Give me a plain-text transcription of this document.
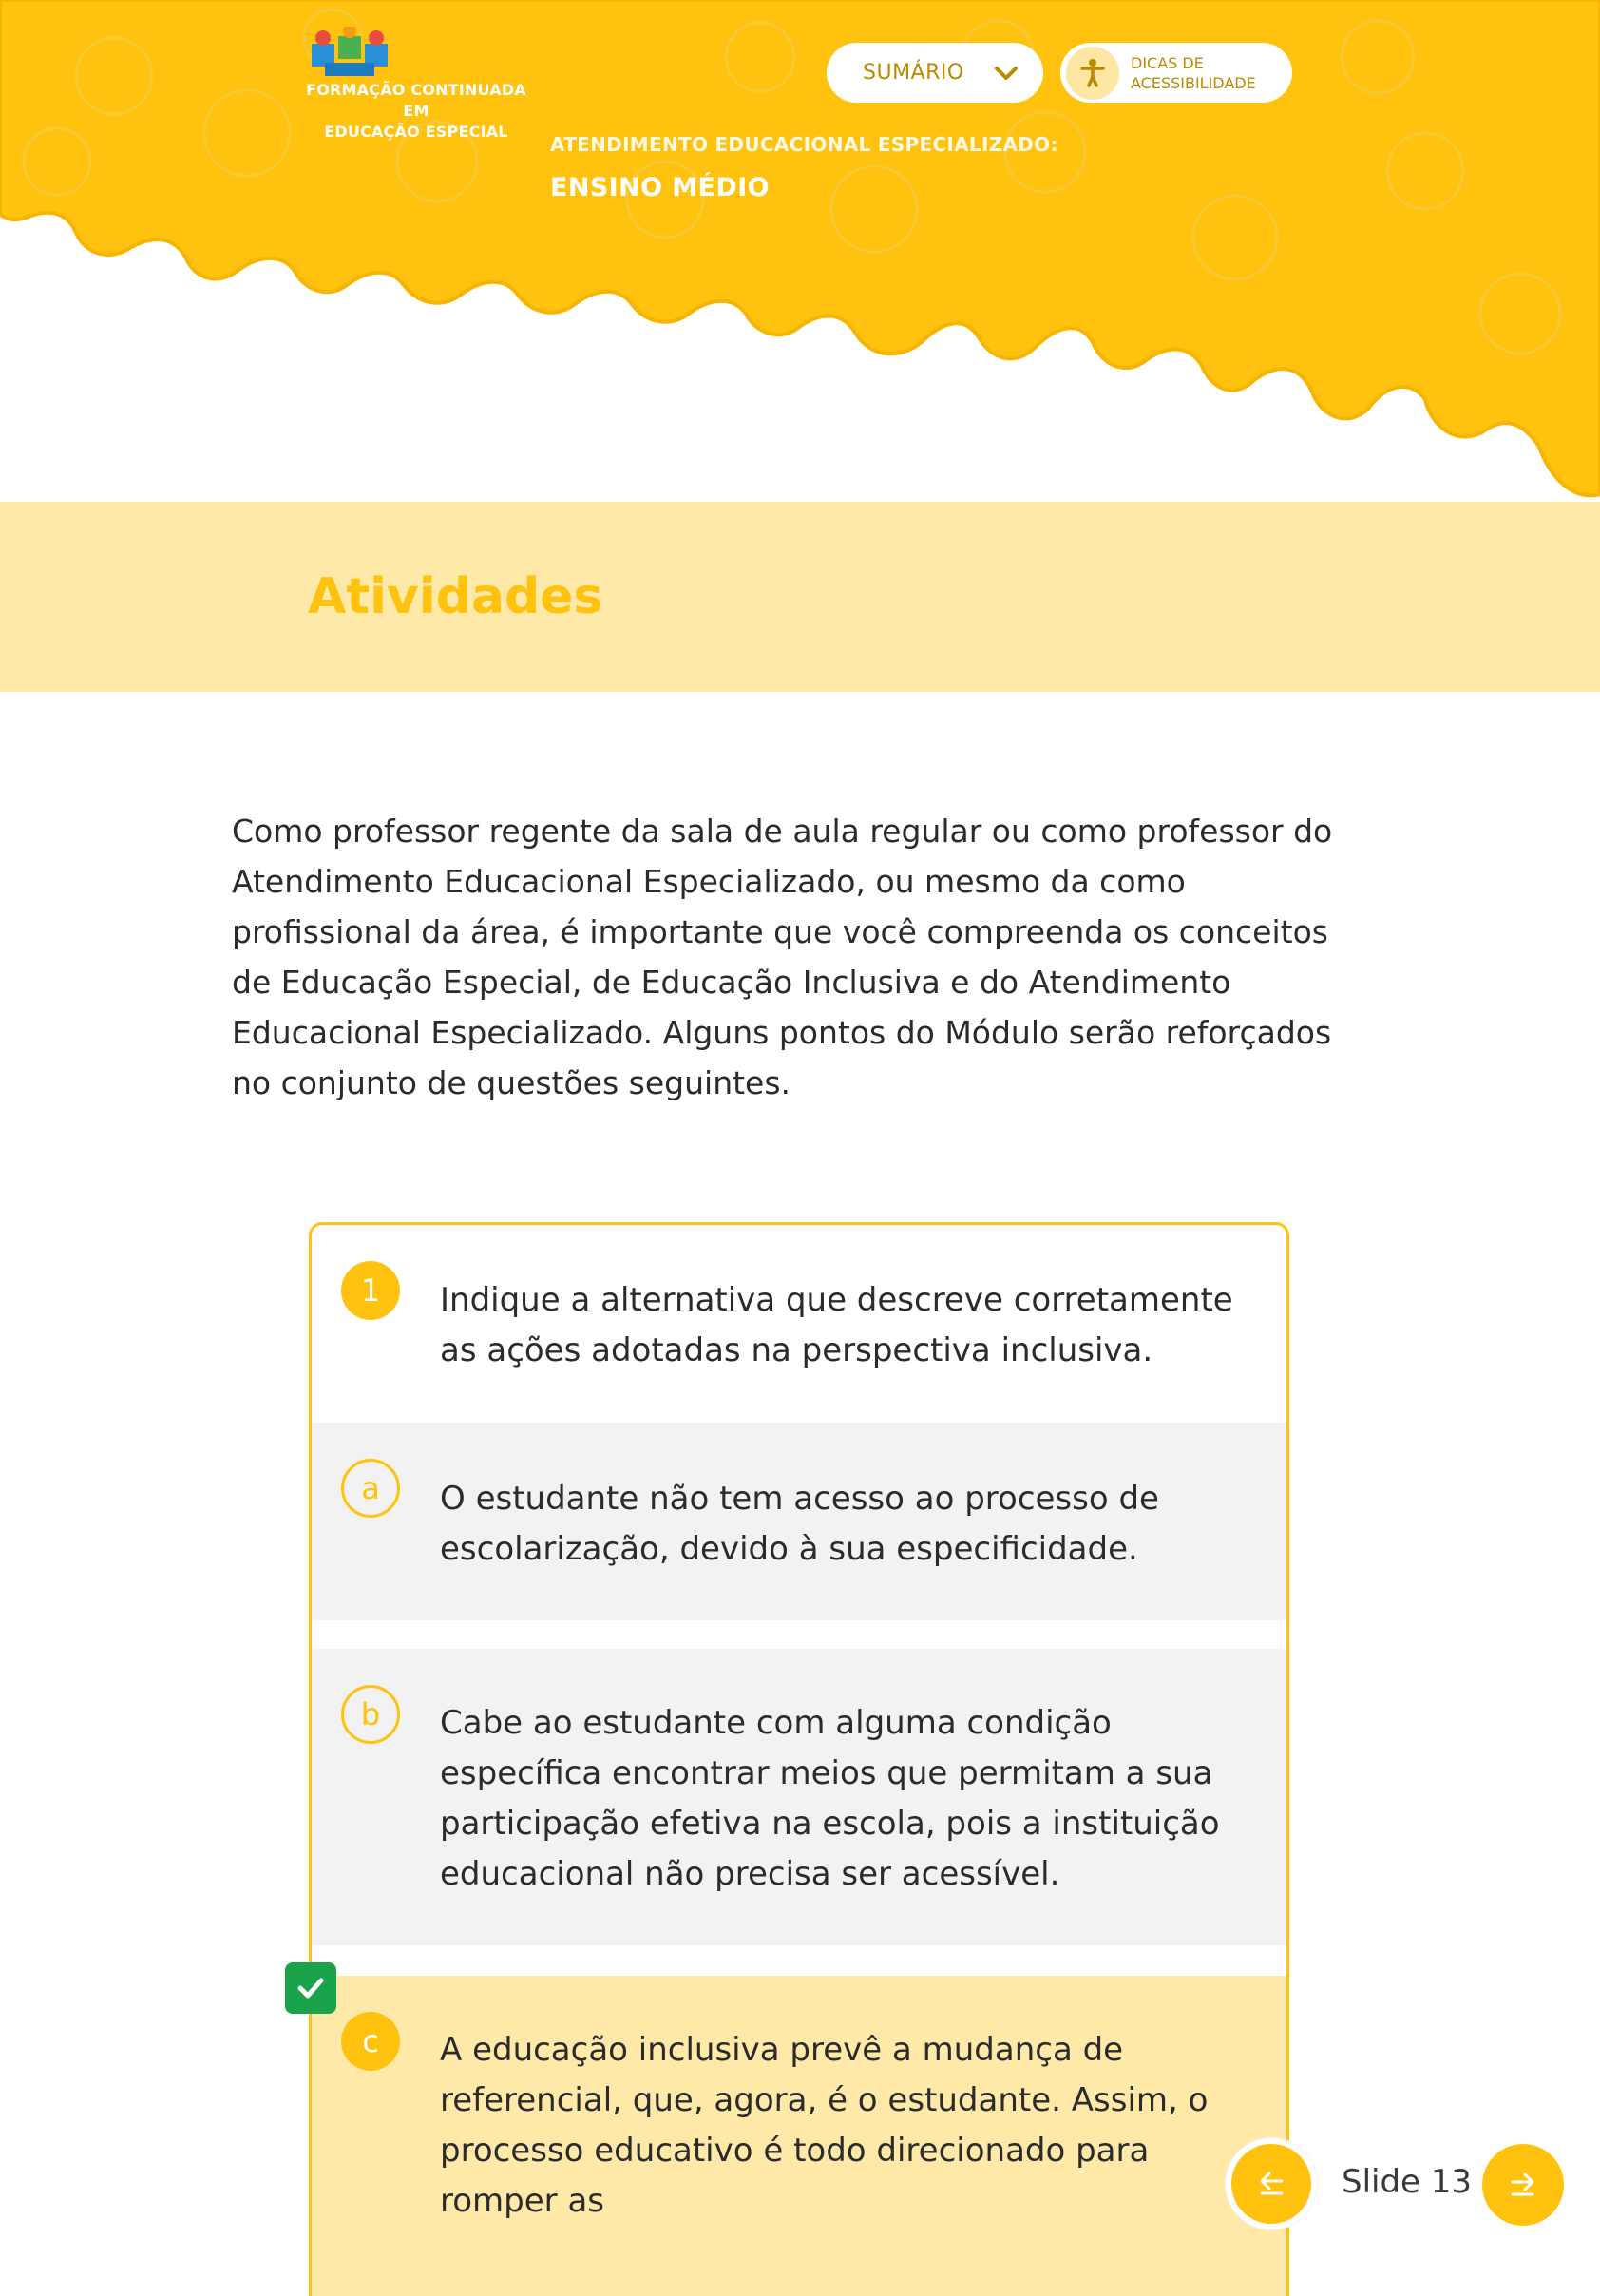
FORMAÇÃO CONTINUADA EM
EDUCAÇÃO ESPECIAL
SUMÁRIO	DICAS DE
ACESSIBILIDADE
ATENDIMENTO EDUCACIONAL ESPECIALIZADO:
ENSINO MÉDIO
Atividades
Como professor regente da sala de aula regular ou como professor do Atendimento Educacional Especializado, ou mesmo da como profissional da área, é importante que você compreenda os conceitos de Educação Especial, de Educação Inclusiva e do Atendimento Educacional Especializado. Alguns pontos do Módulo serão reforçados no conjunto de questões seguintes.
1	Indique a alternativa que descreve corretamente as ações adotadas na perspectiva inclusiva.
a	O estudante não tem acesso ao processo de escolarização, devido à sua especificidade.
b	Cabe ao estudante com alguma condição específica encontrar meios que permitam a sua participação efetiva na escola, pois a instituição educacional não precisa ser acessível.
c	A educação inclusiva prevê a mudança de referencial, que, agora, é o estudante. Assim, o processo educativo é todo direcionado para romper as	Slide 13
